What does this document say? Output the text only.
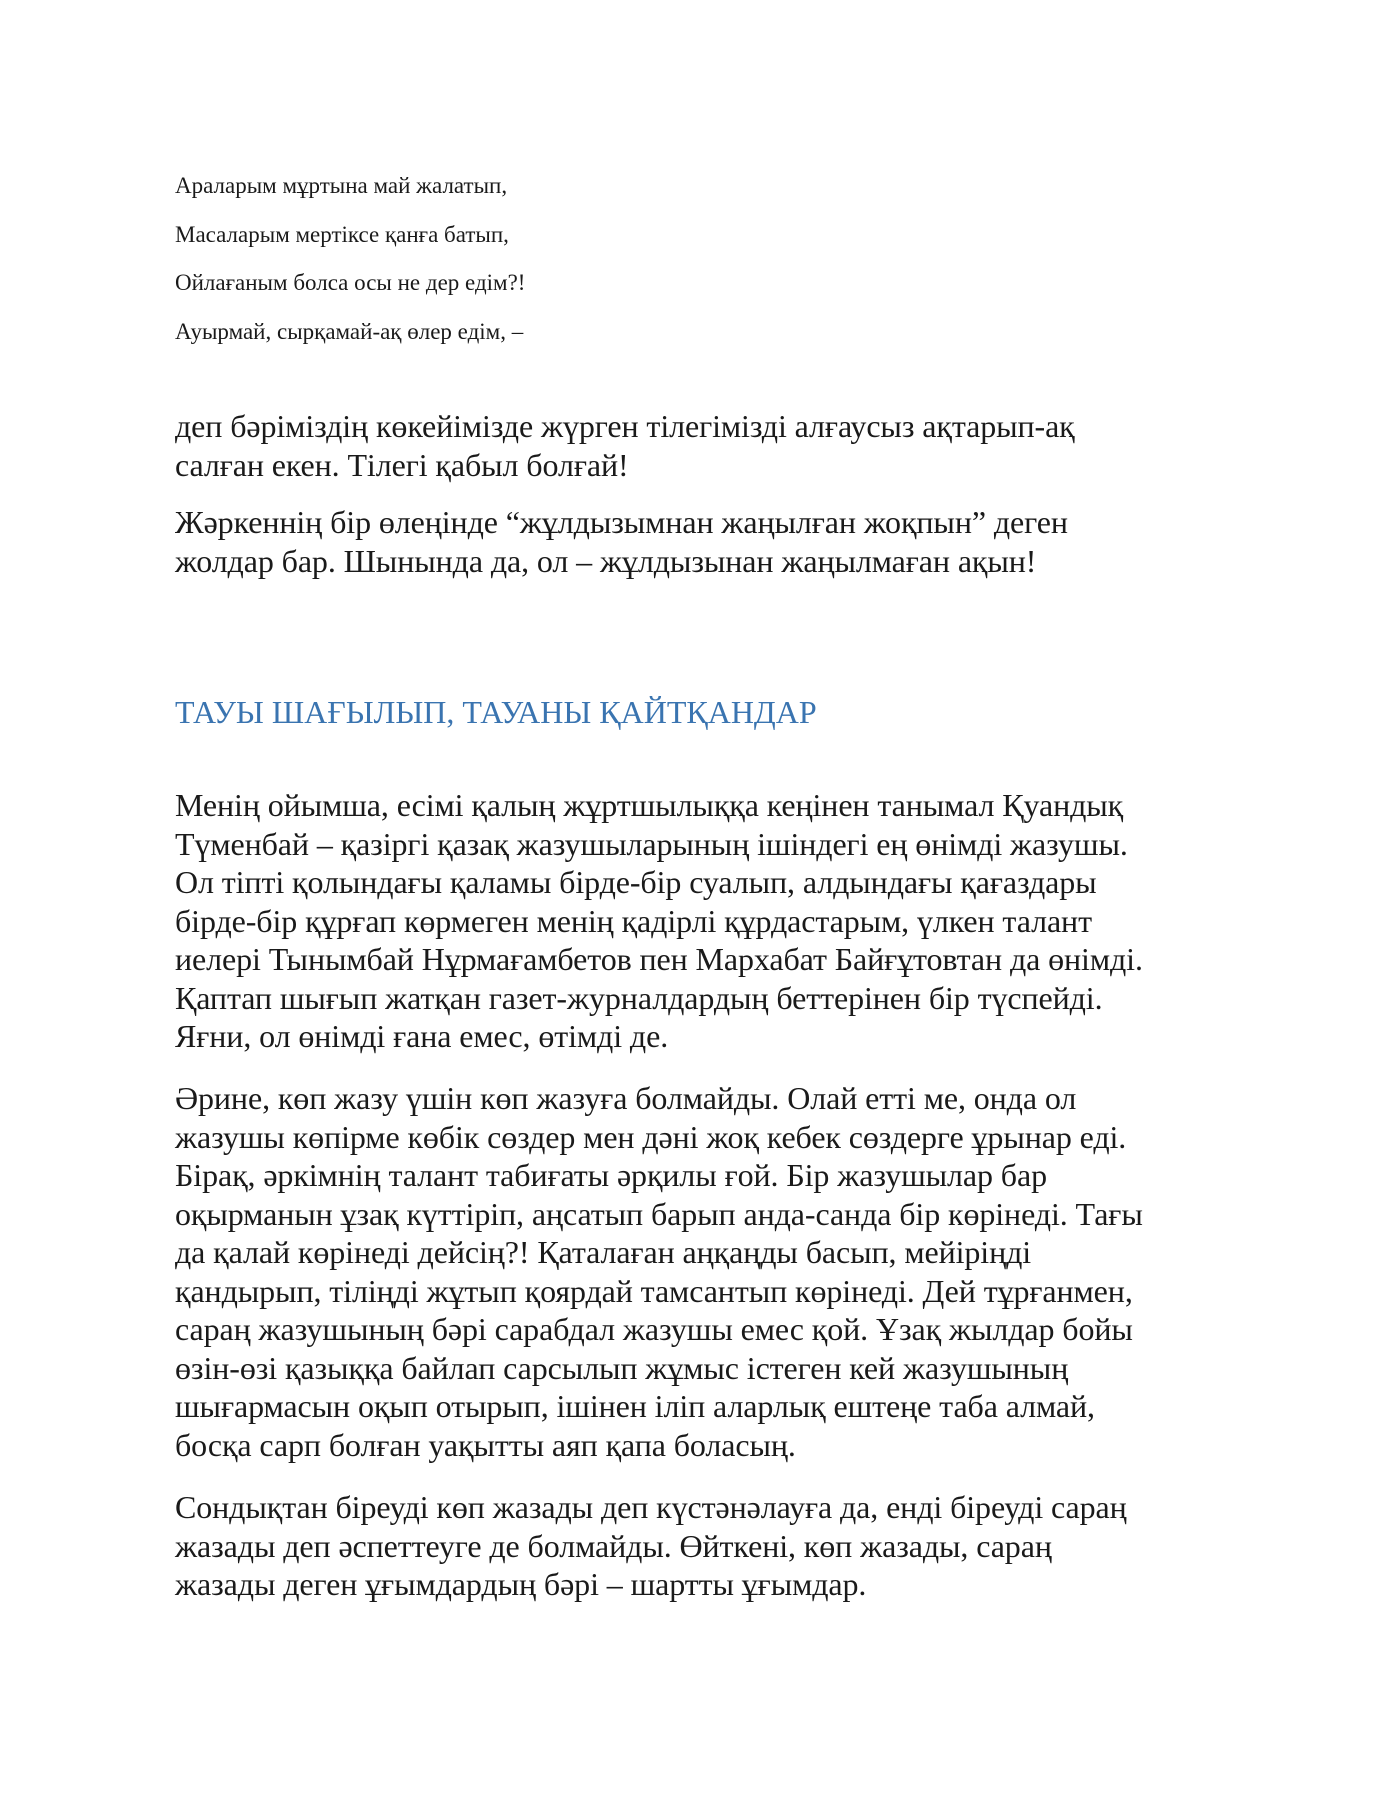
Араларым мұртына май жалатып,
Масаларым мертіксе қанға батып,
Ойлағаным болса осы не дер едім?!
Ауырмай, сырқамай-ақ өлер едім, –

деп бәріміздің көкейімізде жүрген тілегімізді алғаусыз ақтарып-ақ
салған екен. Тілегі қабыл болғай!

Жәркеннің бір өлеңінде “жұлдызымнан жаңылған жоқпын” деген
жолдар бар. Шынында да, ол – жұлдызынан жаңылмаған ақын!

ТАУЫ ШАҒЫЛЫП, ТАУАНЫ ҚАЙТҚАНДАР

Менің ойымша, есімі қалың жұртшылыққа кеңінен танымал Қуандық
Түменбай – қазіргі қазақ жазушыларының ішіндегі ең өнімді жазушы.
Ол тіпті қолындағы қаламы бірде-бір суалып, алдындағы қағаздары
бірде-бір құрғап көрмеген менің қадірлі құрдастарым, үлкен талант
иелері Тынымбай Нұрмағамбетов пен Мархабат Байғұтовтан да өнімді.
Қаптап шығып жатқан газет-журналдардың беттерінен бір түспейді.
Яғни, ол өнімді ғана емес, өтімді де.

Әрине, көп жазу үшін көп жазуға болмайды. Олай етті ме, онда ол
жазушы көпірме көбік сөздер мен дәні жоқ кебек сөздерге ұрынар еді.
Бірақ, әркімнің талант табиғаты әрқилы ғой. Бір жазушылар бар
оқырманын ұзақ күттіріп, аңсатып барып анда-санда бір көрінеді. Тағы
да қалай көрінеді дейсің?! Қаталаған аңқаңды басып, мейіріңді
қандырып, тіліңді жұтып қоярдай тамсантып көрінеді. Дей тұрғанмен,
сараң жазушының бәрі сарабдал жазушы емес қой. Ұзақ жылдар бойы
өзін-өзі қазыққа байлап сарсылып жұмыс істеген кей жазушының
шығармасын оқып отырып, ішінен іліп аларлық ештеңе таба алмай,
босқа сарп болған уақытты аяп қапа боласың.

Сондықтан біреуді көп жазады деп күстәнәлауға да, енді біреуді сараң
жазады деп әспеттеуге де болмайды. Өйткені, көп жазады, сараң
жазады деген ұғымдардың бәрі – шартты ұғымдар.
